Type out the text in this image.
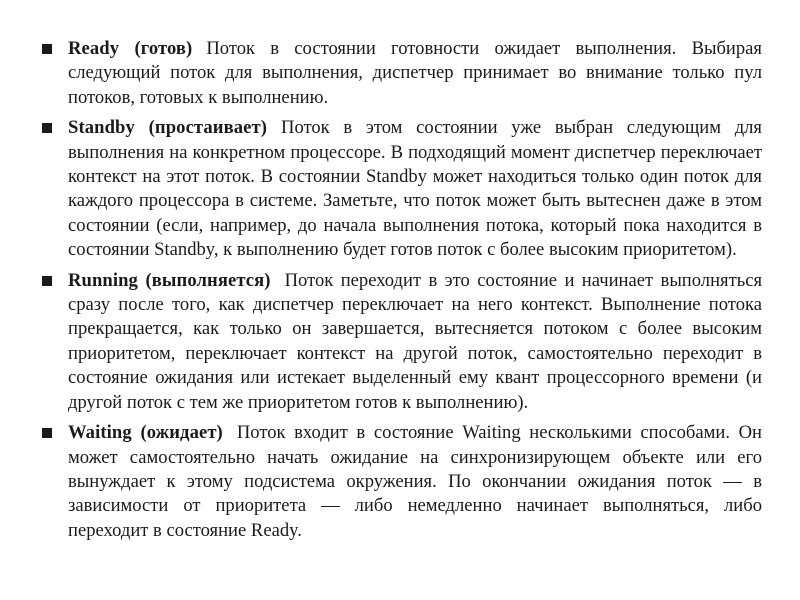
Ready (готов) Поток в состоянии готовности ожидает выполнения. Выбирая следующий поток для выполнения, диспетчер принимает во внимание только пул потоков, готовых к выполнению.
Standby (простаивает) Поток в этом состоянии уже выбран следующим для выполнения на конкретном процессоре. В подходящий момент диспетчер переключает контекст на этот поток. В состоянии Standby может находиться только один поток для каждого процессора в системе. Заметьте, что поток может быть вытеснен даже в этом состоянии (если, например, до начала выполнения потока, который пока находится в состоянии Standby, к выполнению будет готов поток с более высоким приоритетом).
Running (выполняется) Поток переходит в это состояние и начинает выполняться сразу после того, как диспетчер переключает на него контекст. Выполнение потока прекращается, как только он завершается, вытесняется потоком с более высоким приоритетом, переключает контекст на другой поток, самостоятельно переходит в состояние ожидания или истекает выделенный ему квант процессорного времени (и другой поток с тем же приоритетом готов к выполнению).
Waiting (ожидает) Поток входит в состояние Waiting несколькими способами. Он может самостоятельно начать ожидание на синхронизирующем объекте или его вынуждает к этому подсистема окружения. По окончании ожидания поток — в зависимости от приоритета — либо немедленно начинает выполняться, либо переходит в состояние Ready.
